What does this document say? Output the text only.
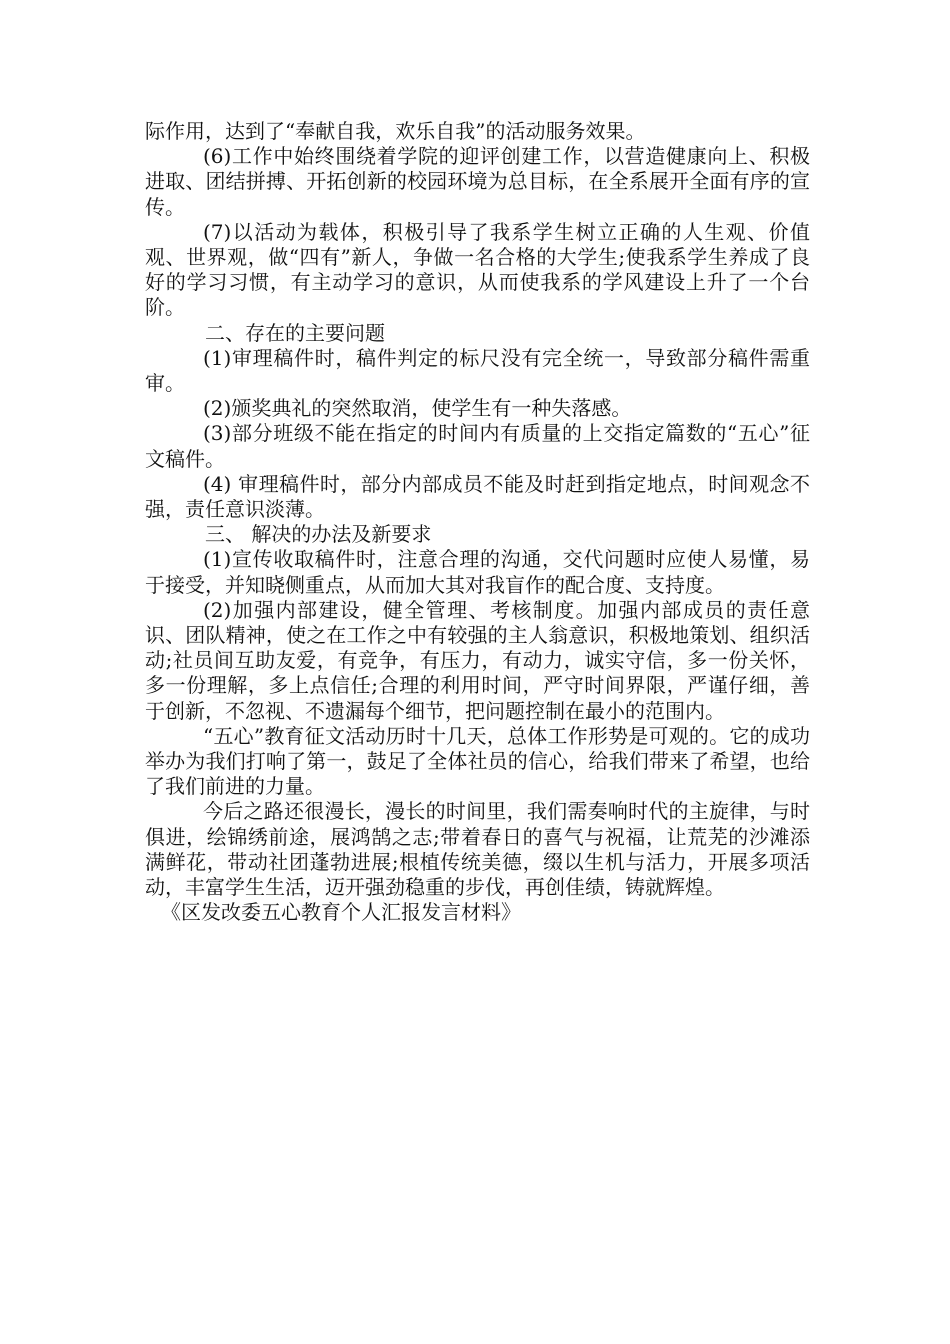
际作用，达到了“奉献自我，欢乐自我”的活动服务效果。

(6)工作中始终围绕着学院的迎评创建工作，以营造健康向上、积极进取、团结拼搏、开拓创新的校园环境为总目标，在全系展开全面有序的宣传。

(7)以活动为载体，积极引导了我系学生树立正确的人生观、价值观、世界观，做“四有”新人，争做一名合格的大学生;使我系学生养成了良好的学习习惯，有主动学习的意识，从而使我系的学风建设上升了一个台阶。

二、存在的主要问题

(1)审理稿件时，稿件判定的标尺没有完全统一，导致部分稿件需重审。

(2)颁奖典礼的突然取消，使学生有一种失落感。

(3)部分班级不能在指定的时间内有质量的上交指定篇数的“五心”征文稿件。

(4) 审理稿件时，部分内部成员不能及时赶到指定地点，时间观念不强，责任意识淡薄。

三、 解决的办法及新要求

(1)宣传收取稿件时，注意合理的沟通，交代问题时应使人易懂，易于接受，并知晓侧重点，从而加大其对我盲作的配合度、支持度。

(2)加强内部建设，健全管理、考核制度。加强内部成员的责任意识、团队精神，使之在工作之中有较强的主人翁意识，积极地策划、组织活动;社员间互助友爱，有竞争，有压力，有动力，诚实守信，多一份关怀，多一份理解，多上点信任;合理的利用时间，严守时间界限，严谨仔细，善于创新，不忽视、不遗漏每个细节，把问题控制在最小的范围内。

“五心”教育征文活动历时十几天，总体工作形势是可观的。它的成功举办为我们打响了第一，鼓足了全体社员的信心，给我们带来了希望，也给了我们前进的力量。

今后之路还很漫长，漫长的时间里，我们需奏响时代的主旋律，与时俱进，绘锦绣前途，展鸿鹄之志;带着春日的喜气与祝福，让荒芜的沙滩添满鲜花，带动社团蓬勃进展;根植传统美德，缀以生机与活力，开展多项活动，丰富学生生活，迈开强劲稳重的步伐，再创佳绩，铸就辉煌。

《区发改委五心教育个人汇报发言材料》
